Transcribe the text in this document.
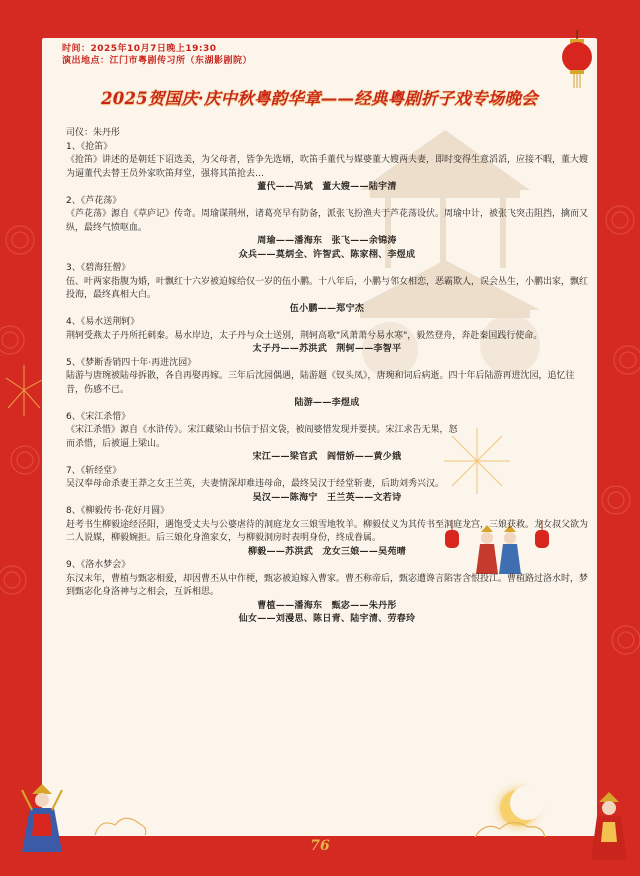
时间：2025年10月7日晚上19:30
演出地点：江门市粤剧传习所（东湖影剧院）
2025贺国庆·庆中秋粤韵华章——经典粤剧折子戏专场晚会

司仪：朱丹彤

1、《抢笛》

《抢笛》讲述的是朝廷下诏选美，为父母者，皆争先选婿，吹笛手董代与媒婆董大嫂两夫妻，即时变得生意滔滔，应接不暇，董大嫂为逼董代去替王员外家吹笛拜堂，强将其笛抢去…

董代——冯斌　董大嫂——陆宇清

2、《芦花荡》

《芦花荡》源自《草庐记》传奇。周瑜谋荆州，诸葛亮早有防备，派张飞扮渔夫于芦花荡设伏。周瑜中计，被张飞突击阻挡，擒而又纵，最终气愤呕血。

周瑜——潘海东　张飞——余锦涛

众兵——莫炳全、许智武、陈家栩、李煜成

3、《碧海狂僧》

伍、叶两家指腹为婚，叶飘红十六岁被迫嫁给仅一岁的伍小鹏。十八年后，小鹏与邻女相恋，恶霸欺人，误会丛生，小鹏出家，飘红投海，最终真相大白。

伍小鹏——郑宁杰

4、《易水送荆轲》

荆轲受燕太子丹所托刺秦。易水岸边，太子丹与众士送别，荆轲高歌"风萧萧兮易水寒"，毅然登舟，奔赴秦国践行使命。

太子丹——苏洪武　荆轲——李智平

5、《梦断香销四十年·再进沈园》

陆游与唐琬被陆母拆散，各自再娶再嫁。三年后沈园偶遇，陆游题《钗头凤》，唐琬和词后病逝。四十年后陆游再进沈园，追忆往昔，伤感不已。

陆游——李煜成

6、《宋江杀惜》

《宋江杀惜》源自《水浒传》。宋江藏梁山书信于招文袋，被阎婆惜发现并要挟。宋江求告无果，怒而杀惜，后被逼上梁山。

宋江——梁官武　阎惜娇——黄少娥

7、《斩经堂》

吴汉奉母命杀妻王莽之女王兰英，夫妻情深却难违母命，最终吴汉于经堂斩妻，后助刘秀兴汉。

吴汉——陈海宁　王兰英——文若诗

8、《柳毅传书·花好月圆》

赶考书生柳毅途经泾阳，遇饱受丈夫与公婆虐待的洞庭龙女三娘雪地牧羊。柳毅仗义为其传书至洞庭龙宫，三娘获救。龙女叔父欲为二人说媒，柳毅婉拒。后三娘化身渔家女，与柳毅洞房时表明身份，终成眷属。

柳毅——苏洪武　龙女三娘——吴苑晴

9、《洛水梦会》

东汉末年，曹植与甄宓相爱，却因曹丕从中作梗，甄宓被迫嫁入曹家。曹丕称帝后，甄宓遭谗言陷害含恨投江。曹植路过洛水时，梦到甄宓化身洛神与之相会，互诉相思。

曹植——潘海东　甄宓——朱丹彤

仙女——刘漫思、陈日青、陆宇清、劳春玲

76
